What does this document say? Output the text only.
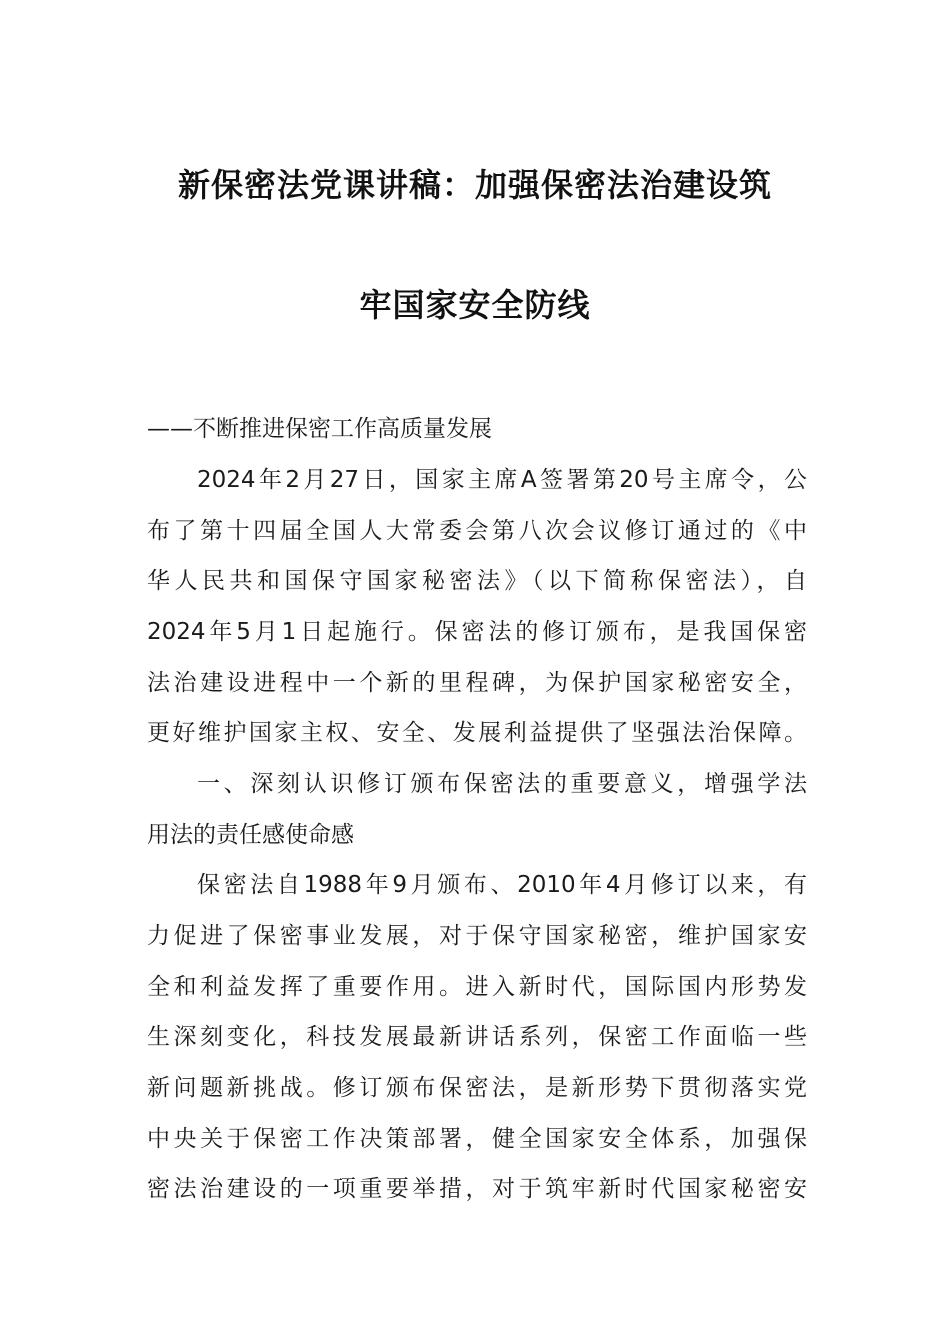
新保密法党课讲稿：加强保密法治建设筑
牢国家安全防线
——不断推进保密工作高质量发展
2024年2月27日，国家主席A签署第20号主席令，公
布了第十四届全国人大常委会第八次会议修订通过的《中
华人民共和国保守国家秘密法》（以下简称保密法），自
2024年5月1日起施行。保密法的修订颁布，是我国保密
法治建设进程中一个新的里程碑，为保护国家秘密安全，
更好维护国家主权、安全、发展利益提供了坚强法治保障。
一、深刻认识修订颁布保密法的重要意义，增强学法
用法的责任感使命感
保密法自1988年9月颁布、2010年4月修订以来，有
力促进了保密事业发展，对于保守国家秘密，维护国家安
全和利益发挥了重要作用。进入新时代，国际国内形势发
生深刻变化，科技发展最新讲话系列，保密工作面临一些
新问题新挑战。修订颁布保密法，是新形势下贯彻落实党
中央关于保密工作决策部署，健全国家安全体系，加强保
密法治建设的一项重要举措，对于筑牢新时代国家秘密安
